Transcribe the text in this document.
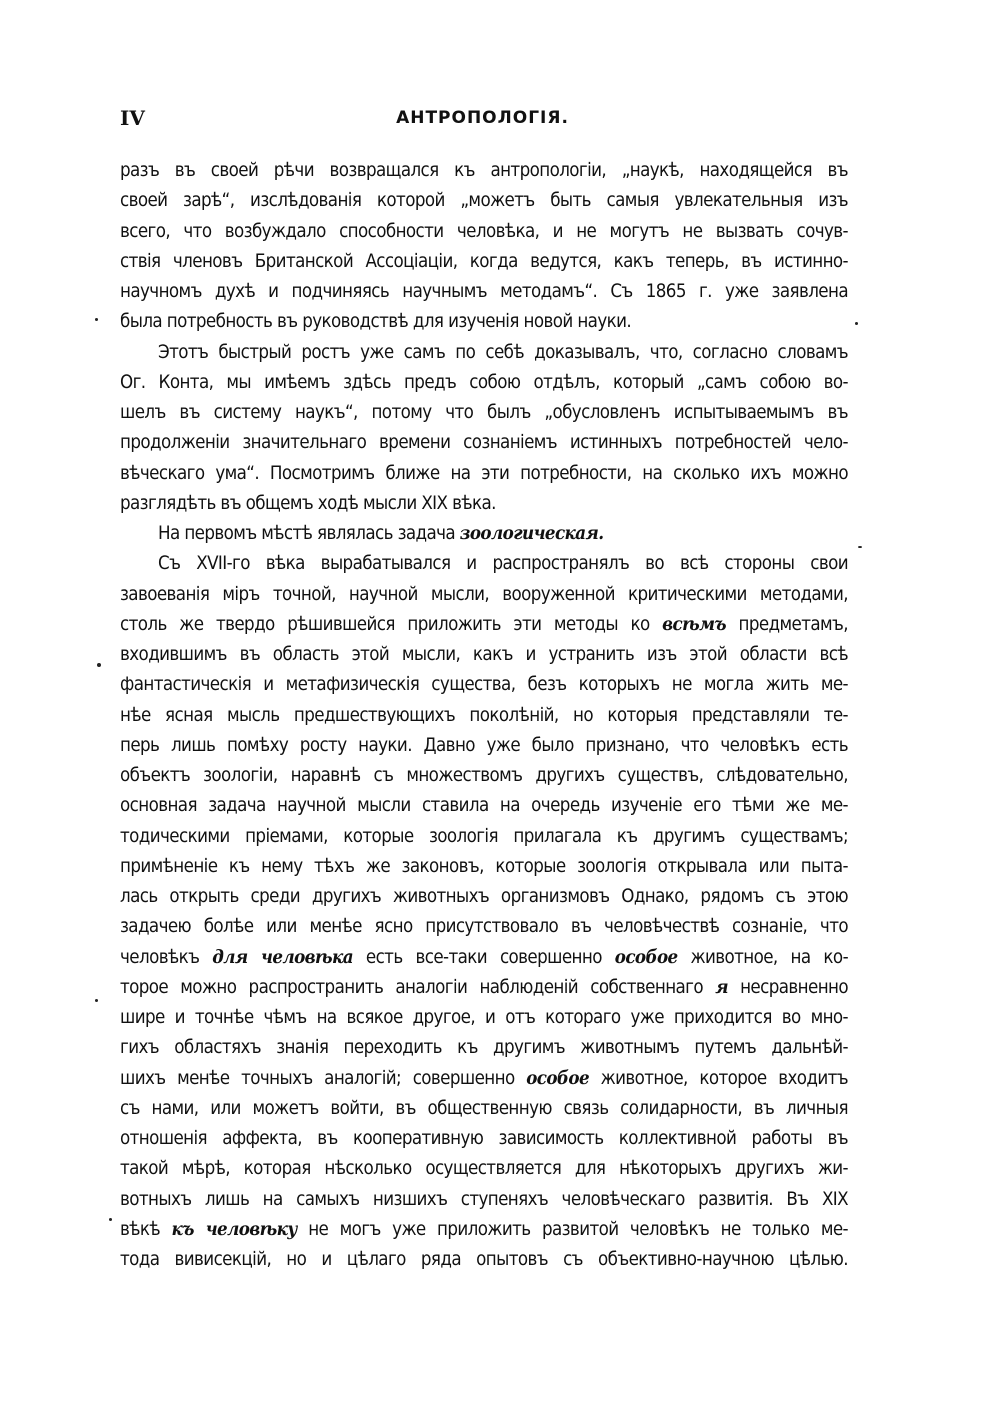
IV	АНТРОПОЛОГІЯ.
разъ въ своей рѣчи возвращался къ антропологіи, „наукѣ, находящейся въ
своей зарѣ“, изслѣдованія которой „можетъ быть самыя увлекательныя изъ
всего, что возбуждало способности человѣка, и не могутъ не вызвать сочув-
ствія членовъ Британской Ассоціаціи, когда ведутся, какъ теперь, въ истинно-
научномъ духѣ и подчиняясь научнымъ методамъ“. Съ 1865 г. уже заявлена
была потребность въ руководствѣ для изученія новой науки.
Этотъ быстрый ростъ уже самъ по себѣ доказывалъ, что, согласно словамъ
Ог. Конта, мы имѣемъ здѣсь предъ собою отдѣлъ, который „самъ собою во-
шелъ въ систему наукъ“, потому что былъ „обусловленъ испытываемымъ въ
продолженіи значительнаго времени сознаніемъ истинныхъ потребностей чело-
вѣческаго ума“. Посмотримъ ближе на эти потребности, на сколько ихъ можно
разглядѣть въ общемъ ходѣ мысли XIX вѣка.
На первомъ мѣстѣ являлась задача зоологическая.
Съ XVII-го вѣка вырабатывался и распространялъ во всѣ стороны свои
завоеванія міръ точной, научной мысли, вооруженной критическими методами,
столь же твердо рѣшившейся приложить эти методы ко всѣмъ предметамъ,
входившимъ въ область этой мысли, какъ и устранить изъ этой области всѣ
фантастическія и метафизическія существа, безъ которыхъ не могла жить ме-
нѣе ясная мысль предшествующихъ поколѣній, но которыя представляли те-
перь лишь помѣху росту науки. Давно уже было признано, что человѣкъ есть
объектъ зоологіи, наравнѣ съ множествомъ другихъ существъ, слѣдовательно,
основная задача научной мысли ставила на очередь изученіе его тѣми же ме-
тодическими пріемами, которые зоологія прилагала къ другимъ существамъ;
примѣненіе къ нему тѣхъ же законовъ, которые зоологія открывала или пыта-
лась открыть среди другихъ животныхъ организмовъ Однако, рядомъ съ этою
задачею болѣе или менѣе ясно присутствовало въ человѣчествѣ сознаніе, что
человѣкъ для человѣка есть все-таки совершенно особое животное, на ко-
торое можно распространить аналогіи наблюденій собственнаго я несравненно
шире и точнѣе чѣмъ на всякое другое, и отъ котораго уже приходится во мно-
гихъ областяхъ знанія переходить къ другимъ животнымъ путемъ дальнѣй-
шихъ менѣе точныхъ аналогій; совершенно особое животное, которое входитъ
съ нами, или можетъ войти, въ общественную связь солидарности, въ личныя
отношенія аффекта, въ кооперативную зависимость коллективной работы въ
такой мѣрѣ, которая нѣсколько осуществляется для нѣкоторыхъ другихъ жи-
вотныхъ лишь на самыхъ низшихъ ступеняхъ человѣческаго развитія. Въ XIX
вѣкѣ къ человѣку не могъ уже приложить развитой человѣкъ не только ме-
тода вивисекцій, но и цѣлаго ряда опытовъ съ объективно-научною цѣлью.
